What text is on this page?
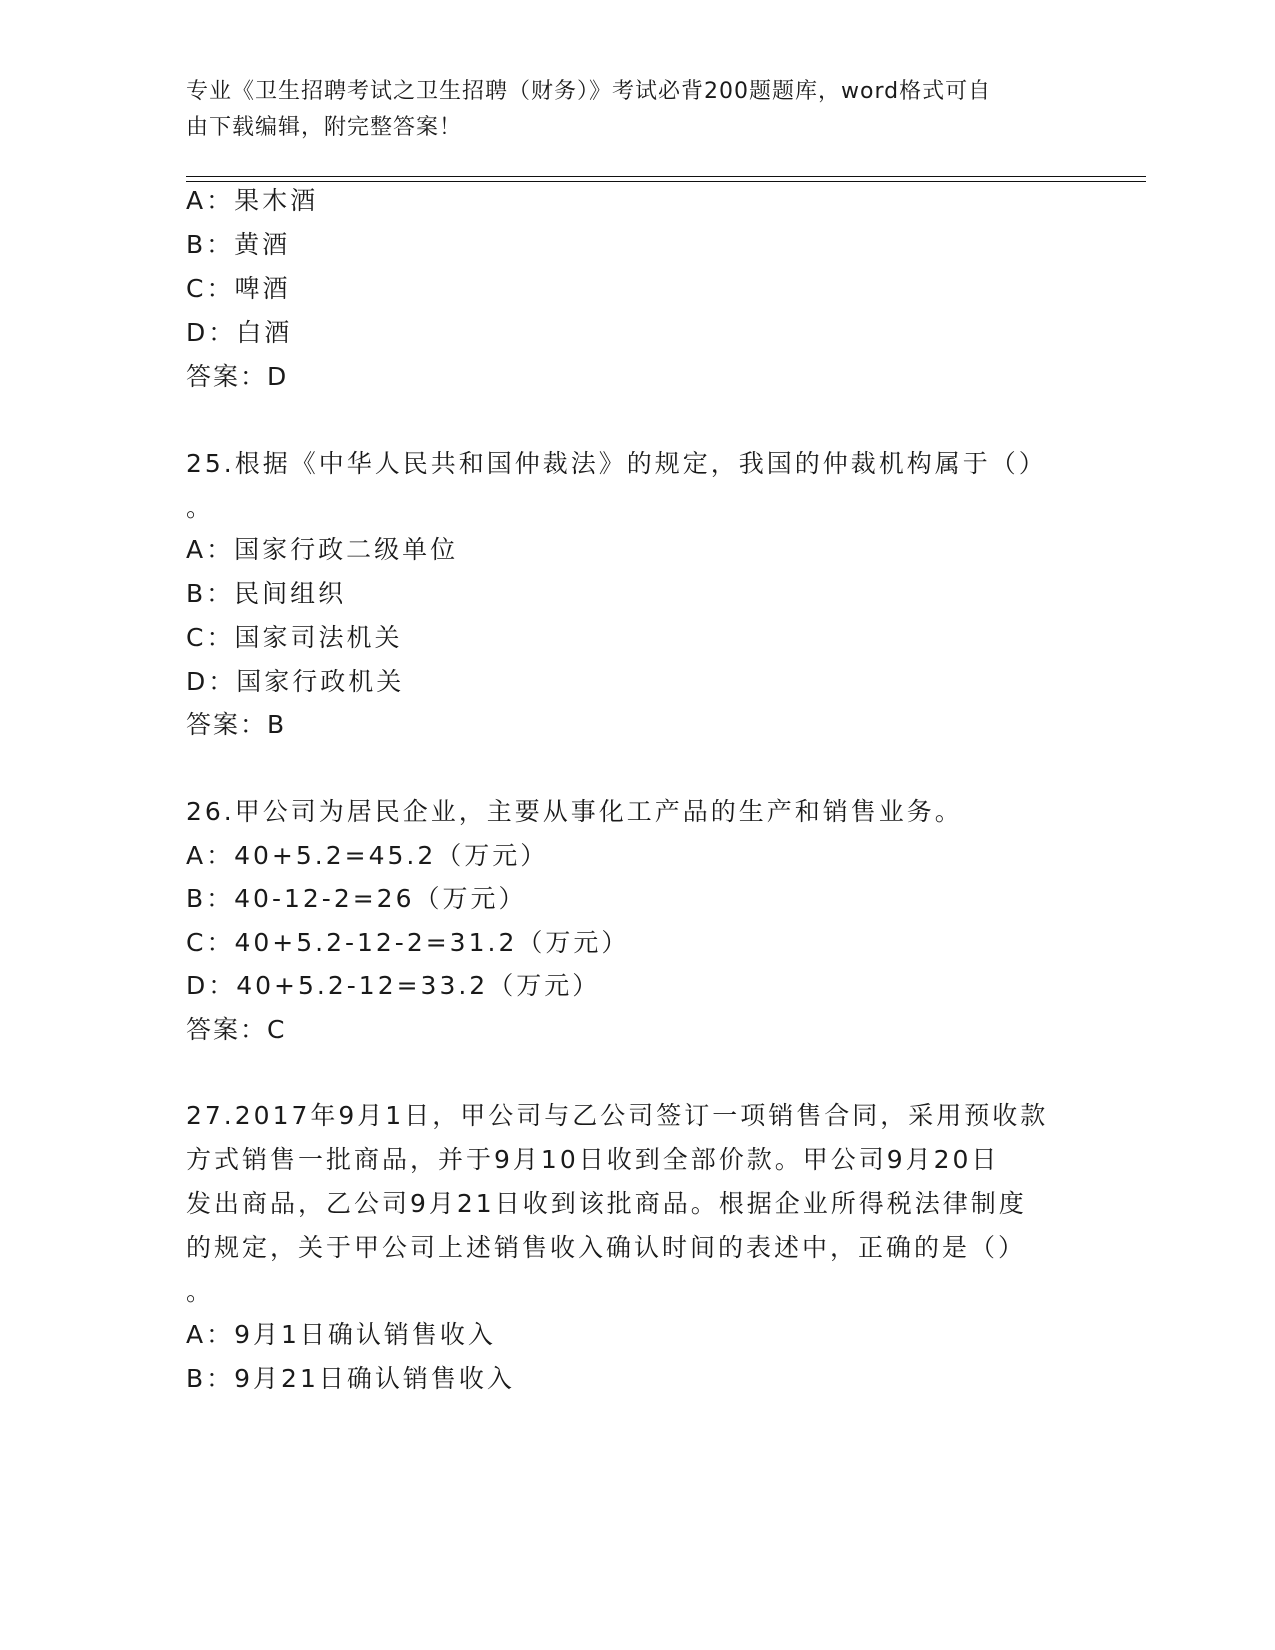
专业《卫生招聘考试之卫生招聘（财务）》考试必背200题题库，word格式可自
由下载编辑，附完整答案！
A：果木酒
B：黄酒
C：啤酒
D：白酒
答案：D
25.根据《中华人民共和国仲裁法》的规定，我国的仲裁机构属于（）
。
A：国家行政二级单位
B：民间组织
C：国家司法机关
D：国家行政机关
答案：B
26.甲公司为居民企业，主要从事化工产品的生产和销售业务。
A：40+5.2=45.2（万元）
B：40-12-2=26（万元）
C：40+5.2-12-2=31.2（万元）
D：40+5.2-12=33.2（万元）
答案：C
27.2017年9月1日，甲公司与乙公司签订一项销售合同，采用预收款
方式销售一批商品，并于9月10日收到全部价款。甲公司9月20日
发出商品，乙公司9月21日收到该批商品。根据企业所得税法律制度
的规定，关于甲公司上述销售收入确认时间的表述中，正确的是（）
。
A：9月1日确认销售收入
B：9月21日确认销售收入
